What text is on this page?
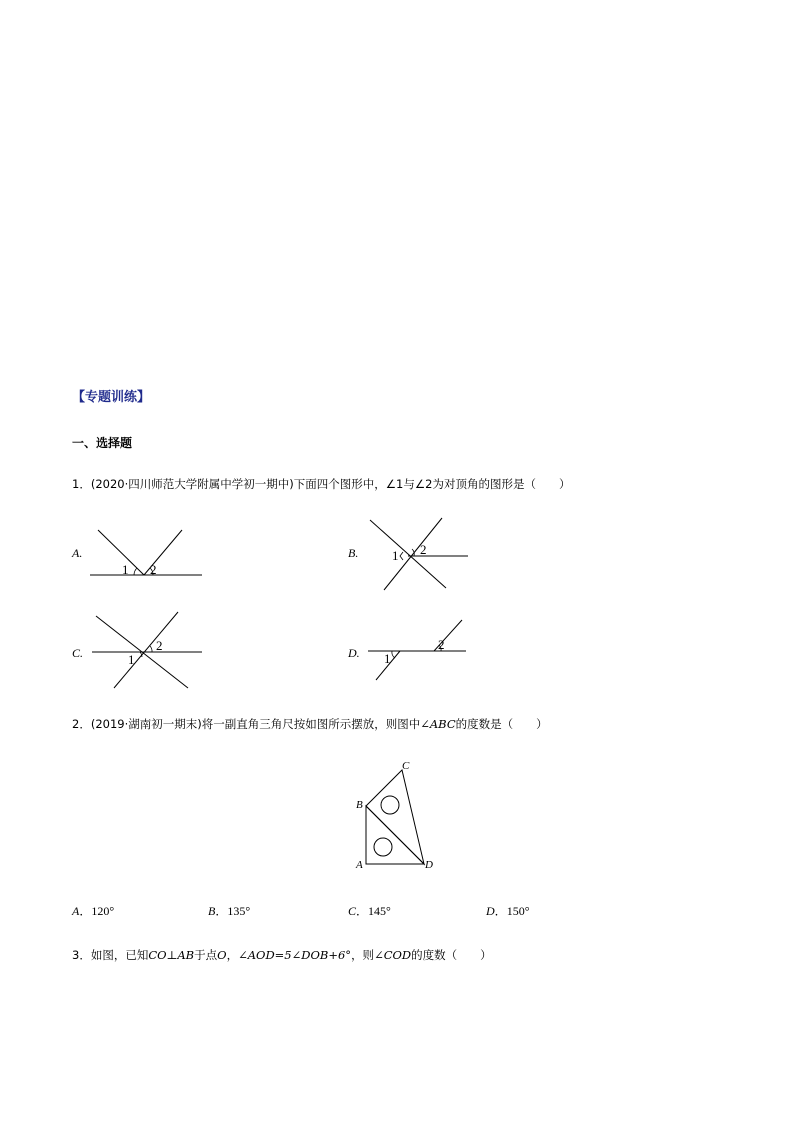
【专题训练】
一、选择题
1．(2020·四川师范大学附属中学初一期中)下面四个图形中，∠1与∠2为对顶角的图形是（　　）
A.
1 2
B.	1 2
C.	1
2	D. 1
2
2．(2019·湖南初一期末)将一副直角三角尺按如图所示摆放，则图中∠ABC的度数是（　　）
C
B
A	D
A．120°	B．135°	C．145°	D．150°
3．如图，已知CO⊥AB于点O，∠AOD=5∠DOB+6°，则∠COD的度数（　　）
